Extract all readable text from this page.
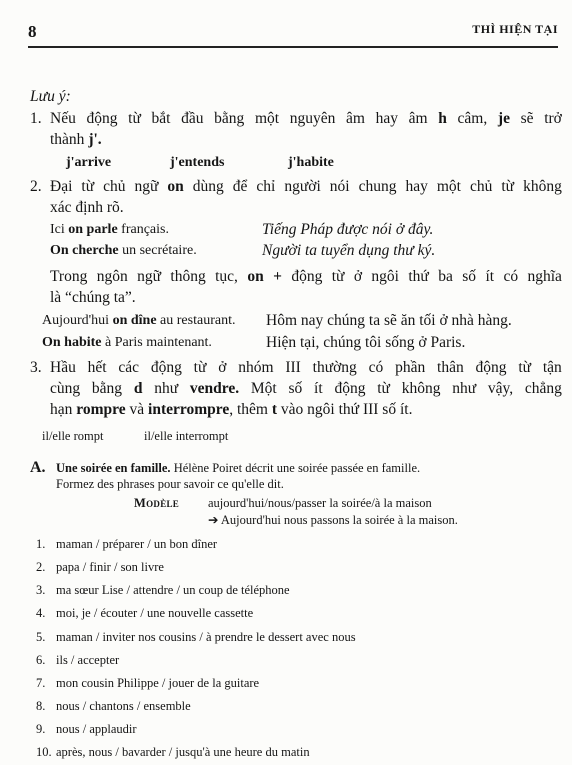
8	THÌ HIỆN TẠI
Lưu ý:
1. Nếu động từ bắt đầu bằng một nguyên âm hay âm h câm, je sẽ trở
thành j'.
j'arrive	j'entends	j'habite
2. Đại từ chủ ngữ on dùng để chỉ người nói chung hay một chủ từ không
xác định rõ.
Ici on parle français.	Tiếng Pháp được nói ở đây.
On cherche un secrétaire.	Người ta tuyển dụng thư ký.
Trong ngôn ngữ thông tục, on + động từ ở ngôi thứ ba số ít có nghĩa
là “chúng ta”.
Aujourd'hui on dîne au restaurant. Hôm nay chúng ta sẽ ăn tối ở nhà hàng.
On habite à Paris maintenant.	Hiện tại, chúng tôi sống ở Paris.
3. Hầu hết các động từ ở nhóm III thường có phần thân động từ tận
cùng bằng d như vendre. Một số ít động từ không như vậy, chẳng
hạn rompre và interrompre, thêm t vào ngôi thứ III số ít.
il/elle rompt	il/elle interrompt
A. Une soirée en famille. Hélène Poiret décrit une soirée passée en famille.
Formez des phrases pour savoir ce qu'elle dit.
Modèle aujourd'hui/nous/passer la soirée/à la maison
➔ Aujourd'hui nous passons la soirée à la maison.
1. maman / préparer / un bon dîner
2. papa / finir / son livre
3. ma sœur Lise / attendre / un coup de téléphone
4. moi, je / écouter / une nouvelle cassette
5. maman / inviter nos cousins / à prendre le dessert avec nous
6. ils / accepter
7. mon cousin Philippe / jouer de la guitare
8. nous / chantons / ensemble
9. nous / applaudir
10. après, nous / bavarder / jusqu'à une heure du matin
